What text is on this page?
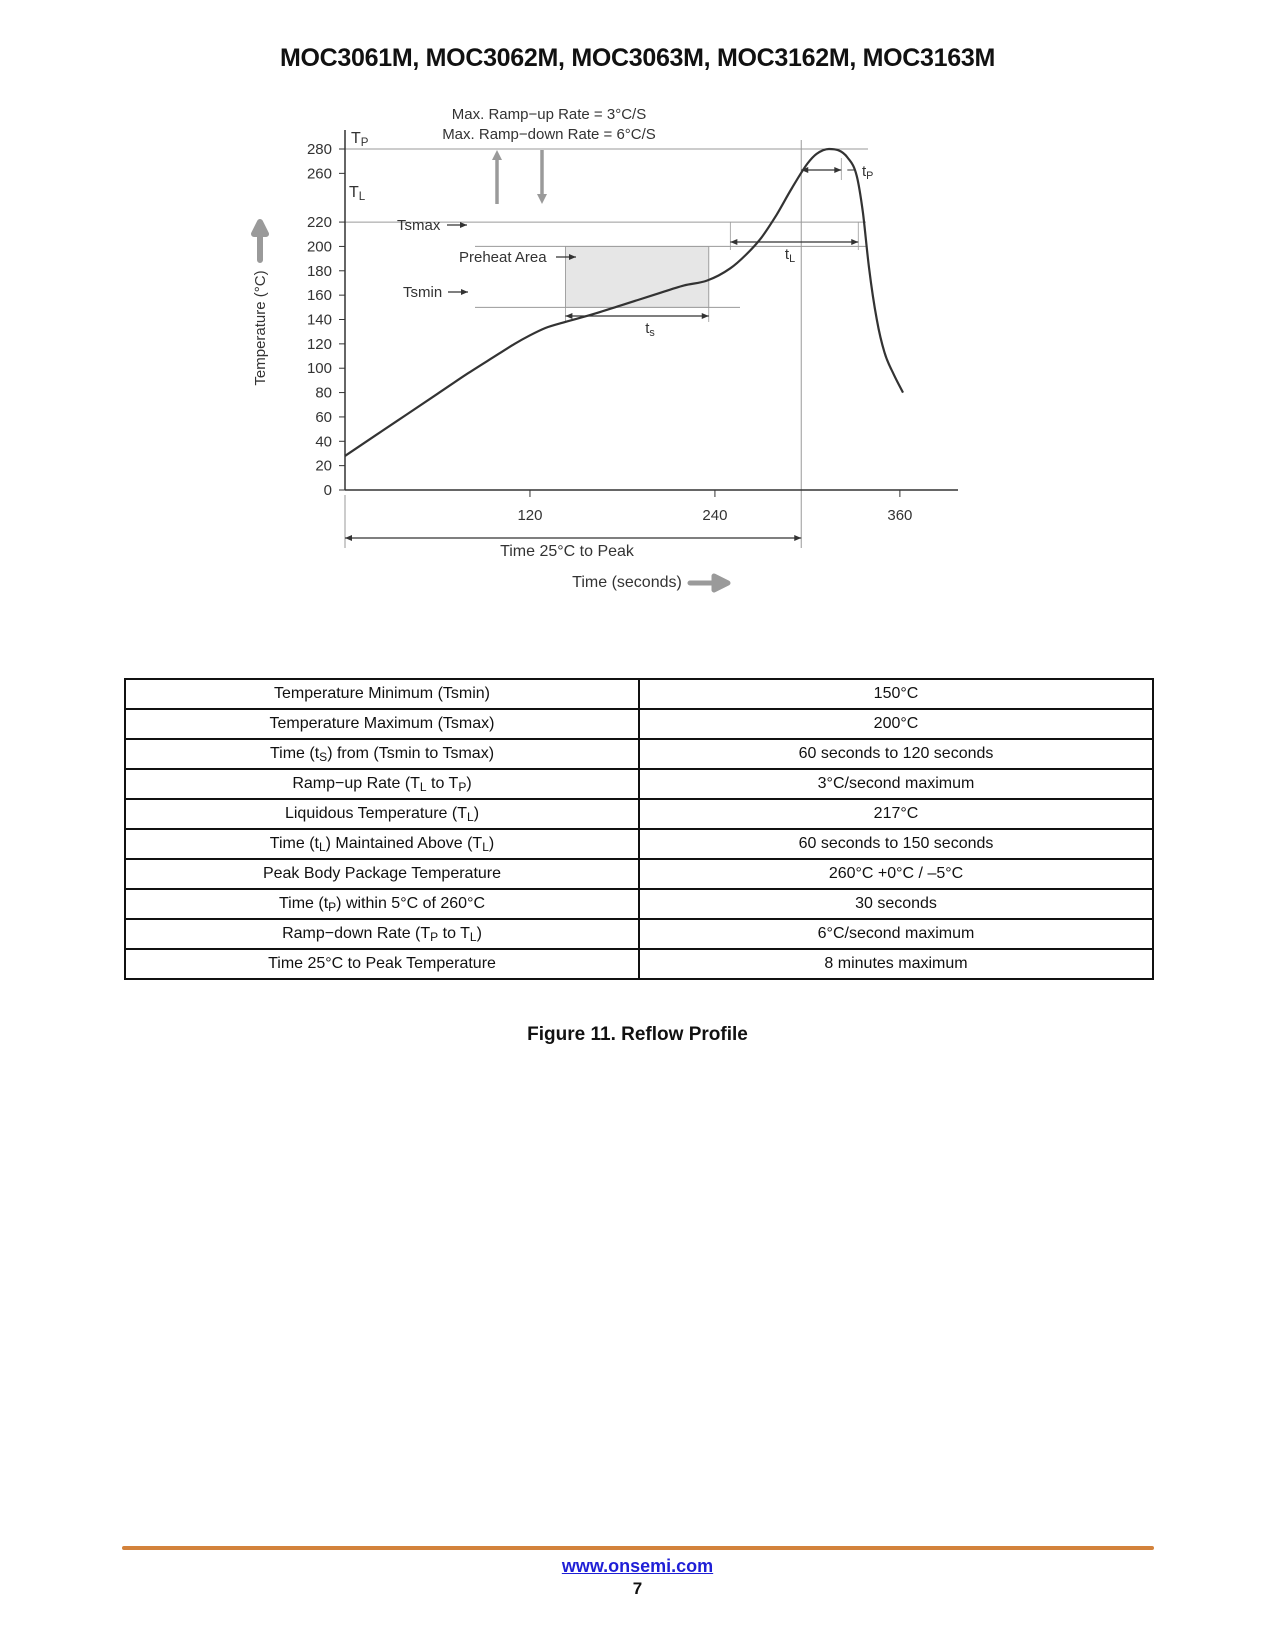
MOC3061M, MOC3062M, MOC3063M, MOC3162M, MOC3163M
0
20
40
60
80
100
120
140
160
180
200
220
260
280
120	240	360
$t_s$
$t_L$
$t_P$
Time 25°C to Peak
TP
TL
Tsmax
Tsmin
Preheat Area
Max. Ramp−up Rate = 3°C/S
Max. Ramp−down Rate = 6°C/S
Temperature (°C)
Time (seconds)
Temperature Minimum (Tsmin)	150°C
Temperature Maximum (Tsmax)	200°C
Time $(t_S)$ from (Tsmin to Tsmax)	60 seconds to 120 seconds
Ramp−up Rate ($T_L$ to $T_P$)	3°C/second maximum
Liquidous Temperature $(T_L)$	217°C
Time $(t_L)$ Maintained Above $(T_L)$	60 seconds to 150 seconds
Peak Body Package Temperature	260°C +0°C / –5°C
Time $(t_P)$ within 5°C of 260°C	30 seconds
Ramp−down Rate ($T_P$ to $T_L$)	6°C/second maximum
Time 25°C to Peak Temperature	8 minutes maximum
Figure 11. Reflow Profile
www.onsemi.com
7
